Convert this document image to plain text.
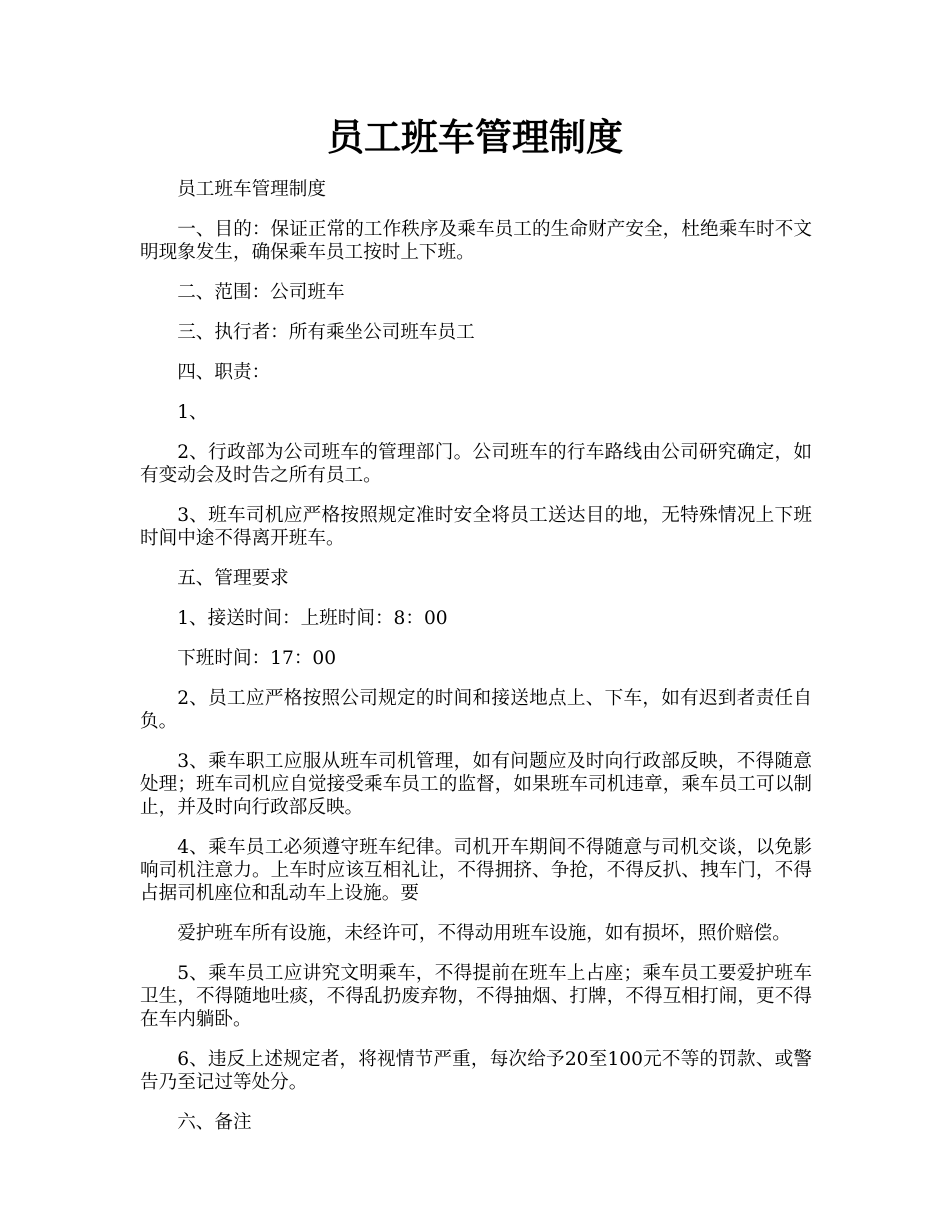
员工班车管理制度

员工班车管理制度

一、目的：保证正常的工作秩序及乘车员工的生命财产安全，杜绝乘车时不文明现象发生，确保乘车员工按时上下班。

二、范围：公司班车

三、执行者：所有乘坐公司班车员工

四、职责：

1、

2、行政部为公司班车的管理部门。公司班车的行车路线由公司研究确定，如有变动会及时告之所有员工。

3、班车司机应严格按照规定准时安全将员工送达目的地，无特殊情况上下班时间中途不得离开班车。

五、管理要求

1、接送时间：上班时间：8：00

下班时间：17：00

2、员工应严格按照公司规定的时间和接送地点上、下车，如有迟到者责任自负。

3、乘车职工应服从班车司机管理，如有问题应及时向行政部反映，不得随意处理；班车司机应自觉接受乘车员工的监督，如果班车司机违章，乘车员工可以制止，并及时向行政部反映。

4、乘车员工必须遵守班车纪律。司机开车期间不得随意与司机交谈，以免影响司机注意力。上车时应该互相礼让，不得拥挤、争抢，不得反扒、拽车门，不得占据司机座位和乱动车上设施。要

爱护班车所有设施，未经许可，不得动用班车设施，如有损坏，照价赔偿。

5、乘车员工应讲究文明乘车，不得提前在班车上占座；乘车员工要爱护班车卫生，不得随地吐痰，不得乱扔废弃物，不得抽烟、打牌，不得互相打闹，更不得在车内躺卧。

6、违反上述规定者，将视情节严重，每次给予20至100元不等的罚款、或警告乃至记过等处分。

六、备注
